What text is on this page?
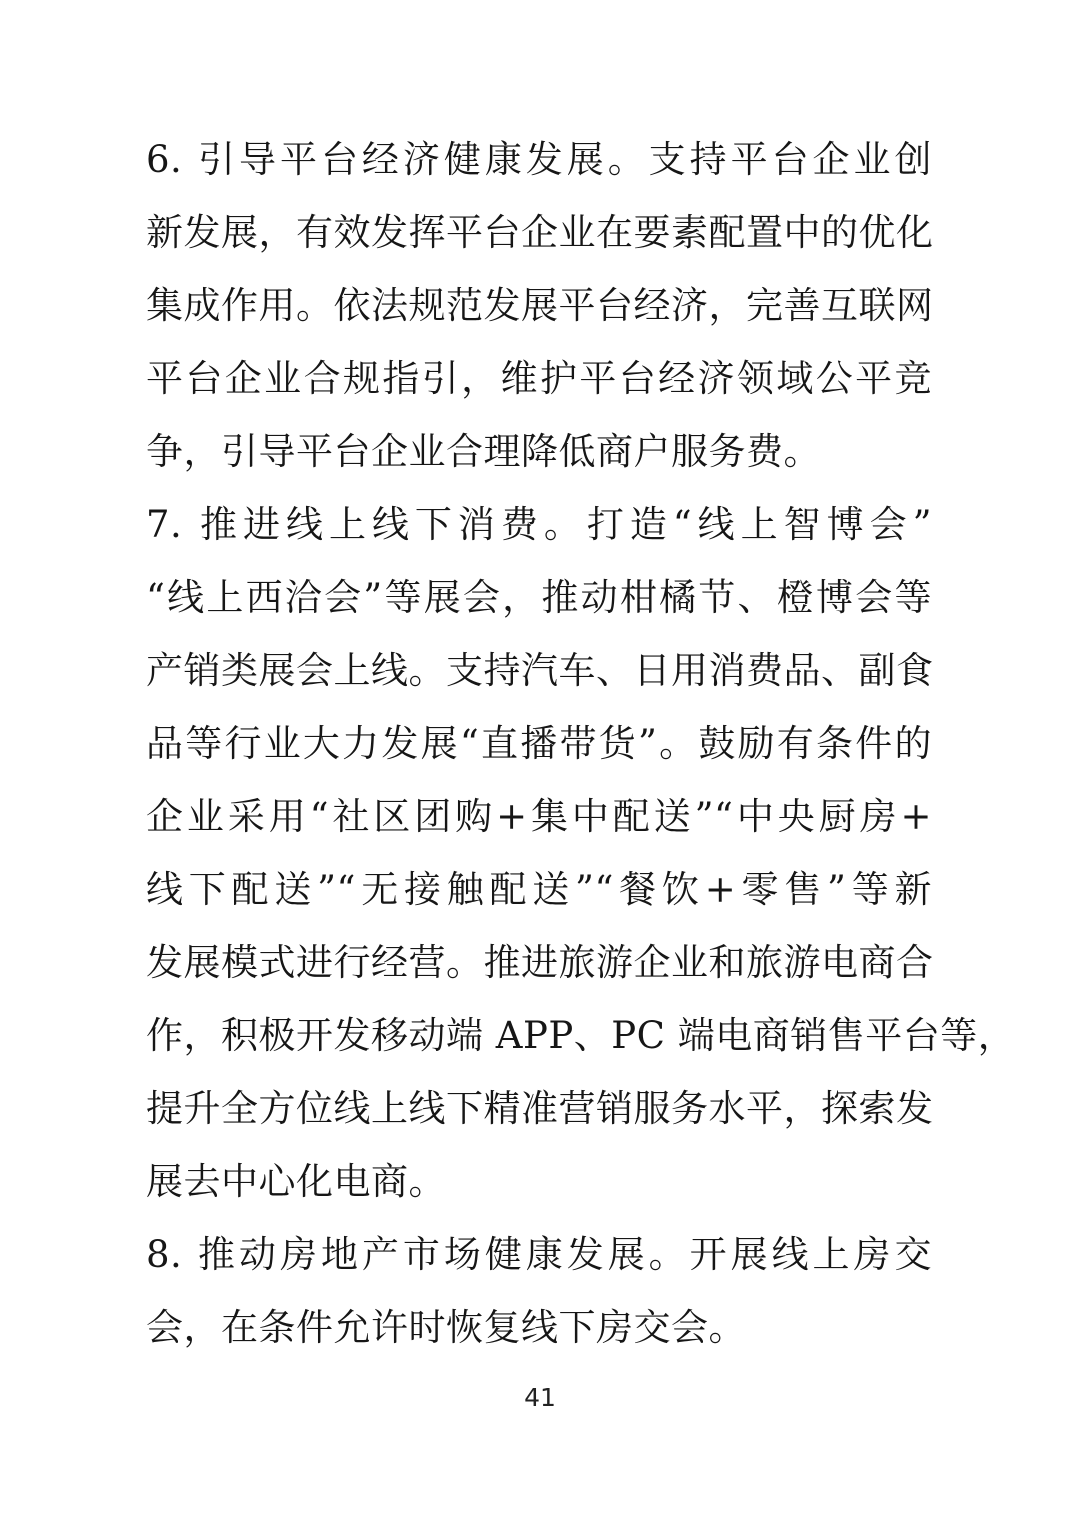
6. 引导平台经济健康发展。支持平台企业创
新发展，有效发挥平台企业在要素配置中的优化
集成作用。依法规范发展平台经济，完善互联网
平台企业合规指引，维护平台经济领域公平竞
争，引导平台企业合理降低商户服务费。
7. 推进线上线下消费。打造“线上智博会”
“线上西洽会”等展会，推动柑橘节、橙博会等
产销类展会上线。支持汽车、日用消费品、副食
品等行业大力发展“直播带货”。鼓励有条件的
企业采用“社区团购+集中配送”“中央厨房+
线下配送”“无接触配送”“餐饮+零售”等新
发展模式进行经营。推进旅游企业和旅游电商合
作，积极开发移动端 APP、PC 端电商销售平台等，
提升全方位线上线下精准营销服务水平，探索发
展去中心化电商。
8. 推动房地产市场健康发展。开展线上房交
会，在条件允许时恢复线下房交会。
41
